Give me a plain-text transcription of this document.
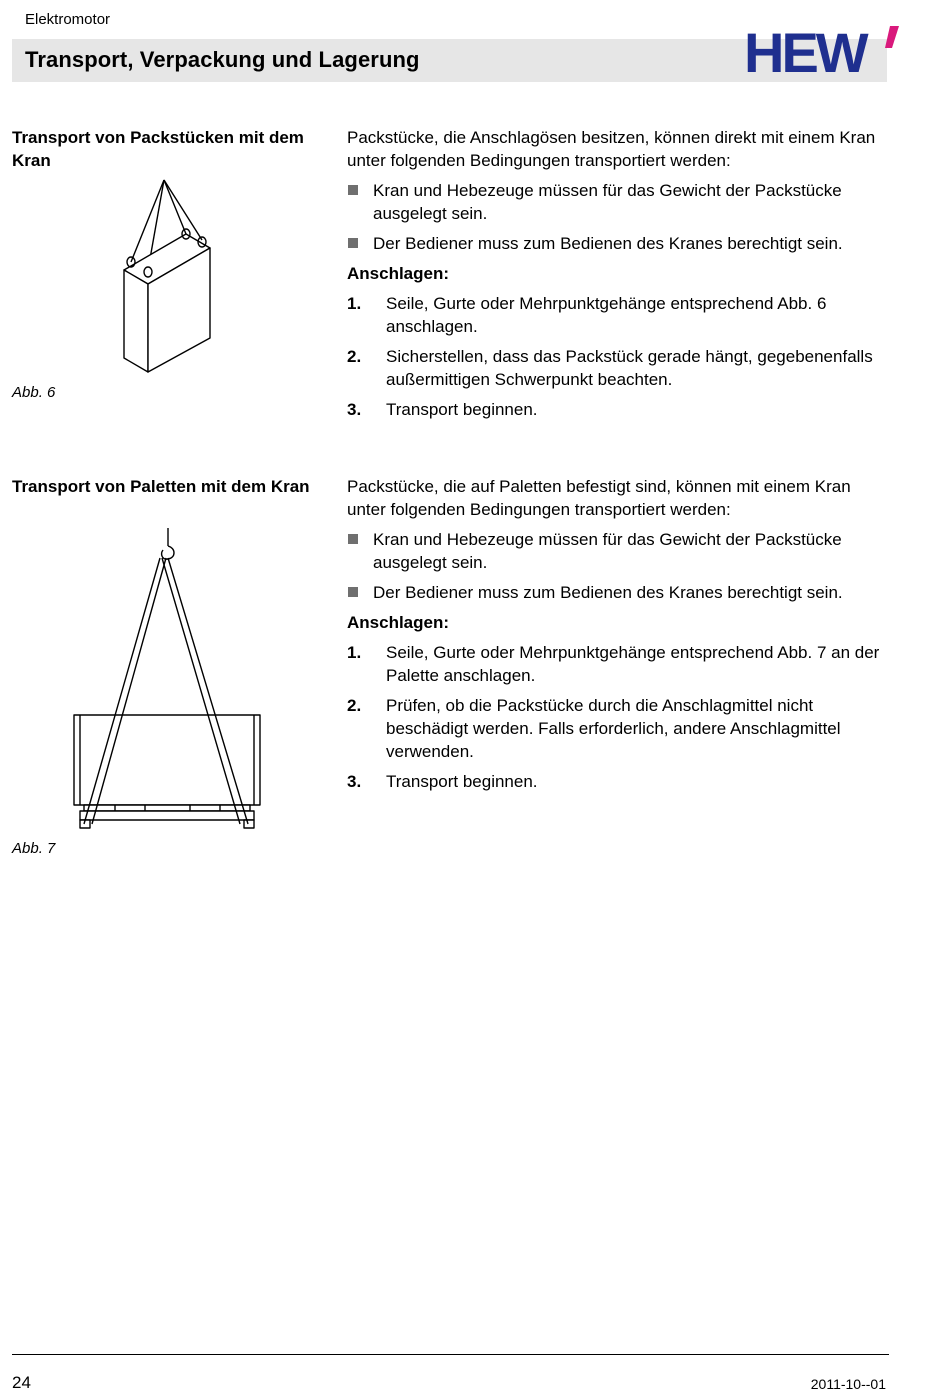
Elektromotor
Transport, Verpackung und Lagerung	HEW
Transport von Packstücken mit dem Kran
Abb. 6

Packstücke, die Anschlagösen besitzen, können direkt mit einem Kran unter folgenden Bedingungen transportiert werden:

Kran und Hebezeuge müssen für das Gewicht der Packstücke ausgelegt sein.
Der Bediener muss zum Bedienen des Kranes berechtigt sein.
Anschlagen:
1. Seile, Gurte oder Mehrpunktgehänge entsprechend Abb. 6 anschlagen.
2. Sicherstellen, dass das Packstück gerade hängt, gegebenenfalls außermittigen Schwerpunkt beachten.
3. Transport beginnen.
Transport von Paletten mit dem Kran
Abb. 7

Packstücke, die auf Paletten befestigt sind, können mit einem Kran unter folgenden Bedingungen transportiert werden:

Kran und Hebezeuge müssen für das Gewicht der Packstücke ausgelegt sein.
Der Bediener muss zum Bedienen des Kranes berechtigt sein.
Anschlagen:
1. Seile, Gurte oder Mehrpunktgehänge entsprechend Abb. 7 an der Palette anschlagen.
2. Prüfen, ob die Packstücke durch die Anschlagmittel nicht beschädigt werden. Falls erforderlich, andere Anschlagmittel verwenden.
3. Transport beginnen.
24	2011-10--01
